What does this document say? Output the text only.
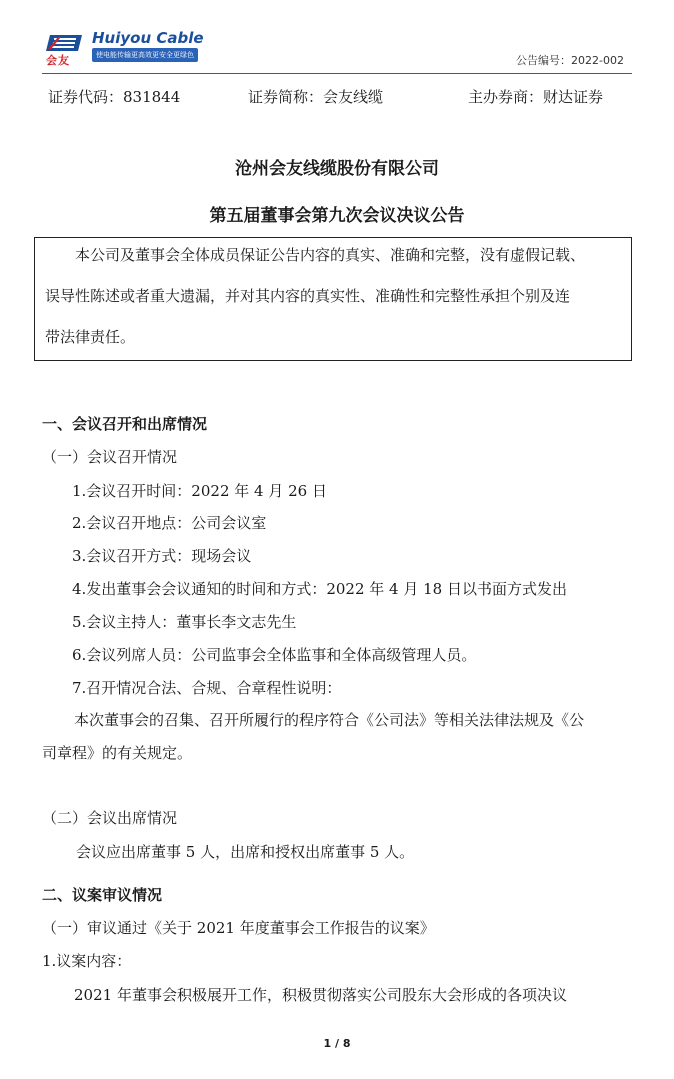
会友
Huiyou Cable
使电能传输更高效更安全更绿色	公告编号：2022-002
证券代码：831844	证券简称：会友线缆	主办券商：财达证券
沧州会友线缆股份有限公司
第五届董事会第九次会议决议公告

本公司及董事会全体成员保证公告内容的真实、准确和完整，没有虚假记载、

误导性陈述或者重大遗漏，并对其内容的真实性、准确性和完整性承担个别及连

带法律责任。

一、会议召开和出席情况
（一）会议召开情况
1.会议召开时间：2022 年 4 月 26 日
2.会议召开地点：公司会议室
3.会议召开方式：现场会议
4.发出董事会会议通知的时间和方式：2022 年 4 月 18 日以书面方式发出
5.会议主持人：董事长李文志先生
6.会议列席人员：公司监事会全体监事和全体高级管理人员。
7.召开情况合法、合规、合章程性说明：
本次董事会的召集、召开所履行的程序符合《公司法》等相关法律法规及《公
司章程》的有关规定。
（二）会议出席情况
会议应出席董事 5 人，出席和授权出席董事 5 人。
二、议案审议情况
（一）审议通过《关于 2021 年度董事会工作报告的议案》
1.议案内容：
2021 年董事会积极展开工作，积极贯彻落实公司股东大会形成的各项决议
1 / 8
